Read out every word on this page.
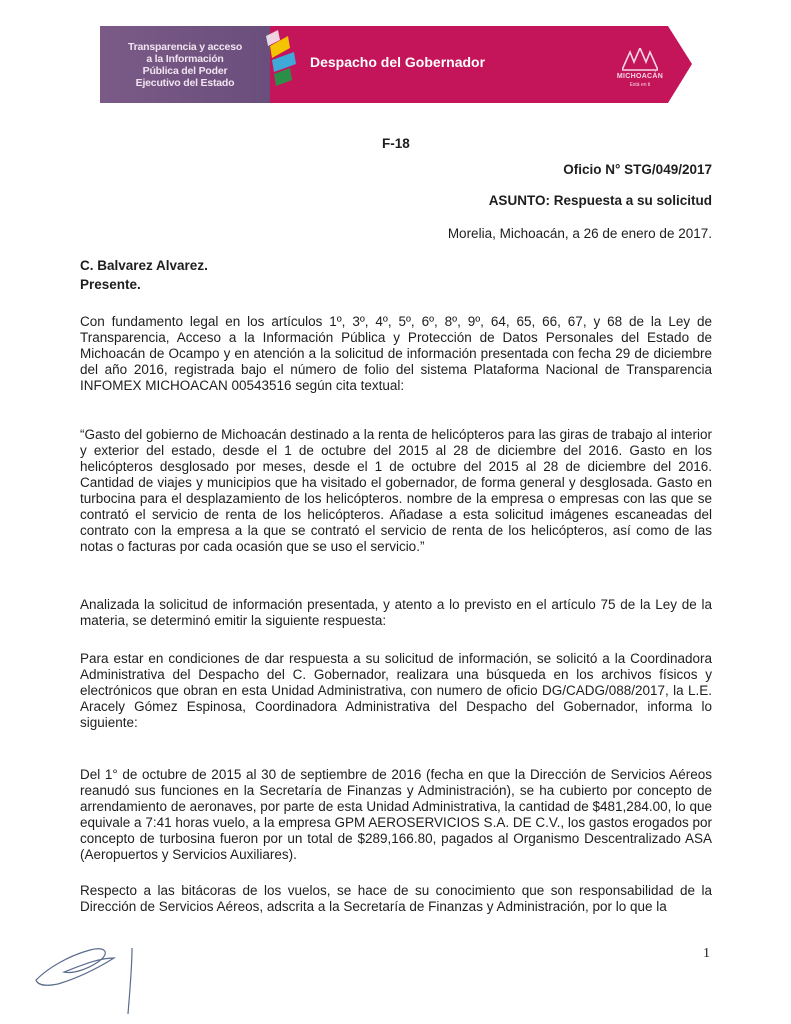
Transparencia y acceso
a la Información
Pública del Poder
Ejecutivo del Estado
Despacho del Gobernador
MICHOACÁN
Está en ti
F-18
Oficio N° STG/049/2017
ASUNTO: Respuesta a su solicitud
Morelia, Michoacán, a 26 de enero de 2017.
C. Balvarez Alvarez.
Presente.

Con fundamento legal en los artículos 1º, 3º, 4º, 5º, 6º, 8º, 9º, 64, 65, 66, 67, y 68 de la Ley de Transparencia, Acceso a la Información Pública y Protección de Datos Personales del Estado de Michoacán de Ocampo y en atención a la solicitud de información presentada con fecha 29 de diciembre del año 2016, registrada bajo el número de folio del sistema Plataforma Nacional de Transparencia INFOMEX MICHOACAN 00543516 según cita textual:

“Gasto del gobierno de Michoacán destinado a la renta de helicópteros para las giras de trabajo al interior y exterior del estado, desde el 1 de octubre del 2015 al 28 de diciembre del 2016. Gasto en los helicópteros desglosado por meses, desde el 1 de octubre del 2015 al 28 de diciembre del 2016. Cantidad de viajes y municipios que ha visitado el gobernador, de forma general y desglosada. Gasto en turbocina para el desplazamiento de los helicópteros. nombre de la empresa o empresas con las que se contrató el servicio de renta de los helicópteros. Añadase a esta solicitud imágenes escaneadas del contrato con la empresa a la que se contrató el servicio de renta de los helicópteros, así como de las notas o facturas por cada ocasión que se uso el servicio.”

Analizada la solicitud de información presentada, y atento a lo previsto en el artículo 75 de la Ley de la materia, se determinó emitir la siguiente respuesta:

Para estar en condiciones de dar respuesta a su solicitud de información, se solicitó a la Coordinadora Administrativa del Despacho del C. Gobernador, realizara una búsqueda en los archivos físicos y electrónicos que obran en esta Unidad Administrativa, con numero de oficio DG/CADG/088/2017, la L.E. Aracely Gómez Espinosa, Coordinadora Administrativa del Despacho del Gobernador, informa lo siguiente:

Del 1° de octubre de 2015 al 30 de septiembre de 2016 (fecha en que la Dirección de Servicios Aéreos reanudó sus funciones en la Secretaría de Finanzas y Administración), se ha cubierto por concepto de arrendamiento de aeronaves, por parte de esta Unidad Administrativa, la cantidad de $481,284.00, lo que equivale a 7:41 horas vuelo, a la empresa GPM AEROSERVICIOS S.A. DE C.V., los gastos erogados por concepto de turbosina fueron por un total de $289,166.80, pagados al Organismo Descentralizado ASA (Aeropuertos y Servicios Auxiliares).

Respecto a las bitácoras de los vuelos, se hace de su conocimiento que son responsabilidad de la Dirección de Servicios Aéreos, adscrita a la Secretaría de Finanzas y Administración, por lo que la

1
